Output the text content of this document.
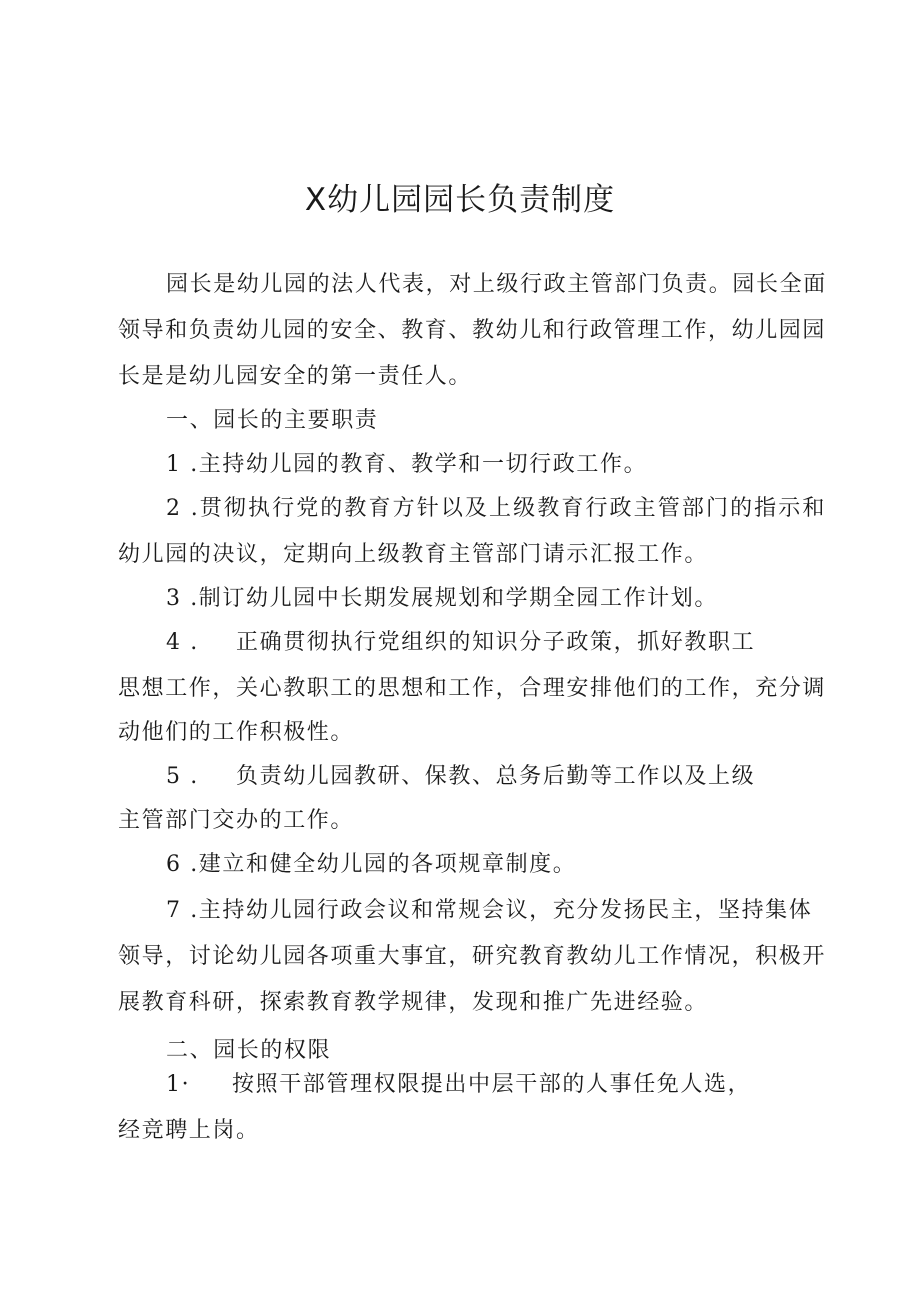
X幼儿园园长负责制度
园长是幼儿园的法人代表，对上级行政主管部门负责。园长全面
领导和负责幼儿园的安全、教育、教幼儿和行政管理工作，幼儿园园
长是是幼儿园安全的第一责任人。
一、园长的主要职责
1 .主持幼儿园的教育、教学和一切行政工作。
2 .贯彻执行党的教育方针以及上级教育行政主管部门的指示和
幼儿园的决议，定期向上级教育主管部门请示汇报工作。
3 .制订幼儿园中长期发展规划和学期全园工作计划。
4 . 正确贯彻执行党组织的知识分子政策，抓好教职工
思想工作，关心教职工的思想和工作，合理安排他们的工作，充分调
动他们的工作积极性。
5 . 负责幼儿园教研、保教、总务后勤等工作以及上级
主管部门交办的工作。
6 .建立和健全幼儿园的各项规章制度。
7 .主持幼儿园行政会议和常规会议，充分发扬民主，坚持集体
领导，讨论幼儿园各项重大事宜，研究教育教幼儿工作情况，积极开
展教育科研，探索教育教学规律，发现和推广先进经验。
二、园长的权限
1· 按照干部管理权限提出中层干部的人事任免人选，
经竞聘上岗。
